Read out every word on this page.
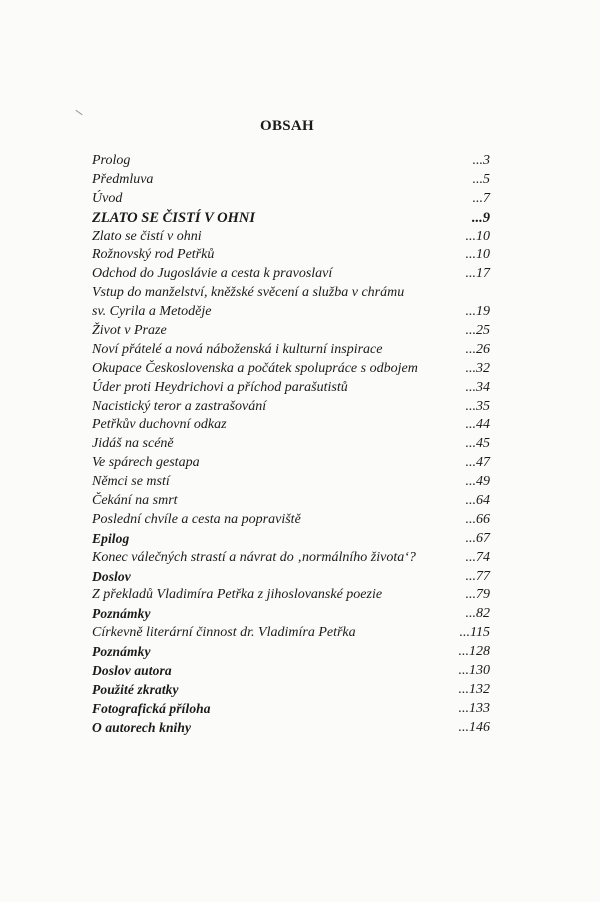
OBSAH
Prolog	...3
Předmluva	...5
Úvod	...7
ZLATO SE ČISTÍ V OHNI	...9
Zlato se čistí v ohni	...10
Rožnovský rod Petřků	...10
Odchod do Jugoslávie a cesta k pravoslaví	...17
Vstup do manželství, kněžské svěcení a služba v chrámu
sv. Cyrila a Metoděje	...19
Život v Praze	...25
Noví přátelé a nová náboženská i kulturní inspirace	...26
Okupace Československa a počátek spolupráce s odbojem	...32
Úder proti Heydrichovi a příchod parašutistů	...34
Nacistický teror a zastrašování	...35
Petřkův duchovní odkaz	...44
Jidáš na scéně	...45
Ve spárech gestapa	...47
Němci se mstí	...49
Čekání na smrt	...64
Poslední chvíle a cesta na popraviště	...66
Epilog	...67
Konec válečných strastí a návrat do ‚normálního života‘?	...74
Doslov	...77
Z překladů Vladimíra Petřka z jihoslovanské poezie	...79
Poznámky	...82
Církevně literární činnost dr. Vladimíra Petřka	...115
Poznámky	...128
Doslov autora	...130
Použité zkratky	...132
Fotografická příloha	...133
O autorech knihy	...146
